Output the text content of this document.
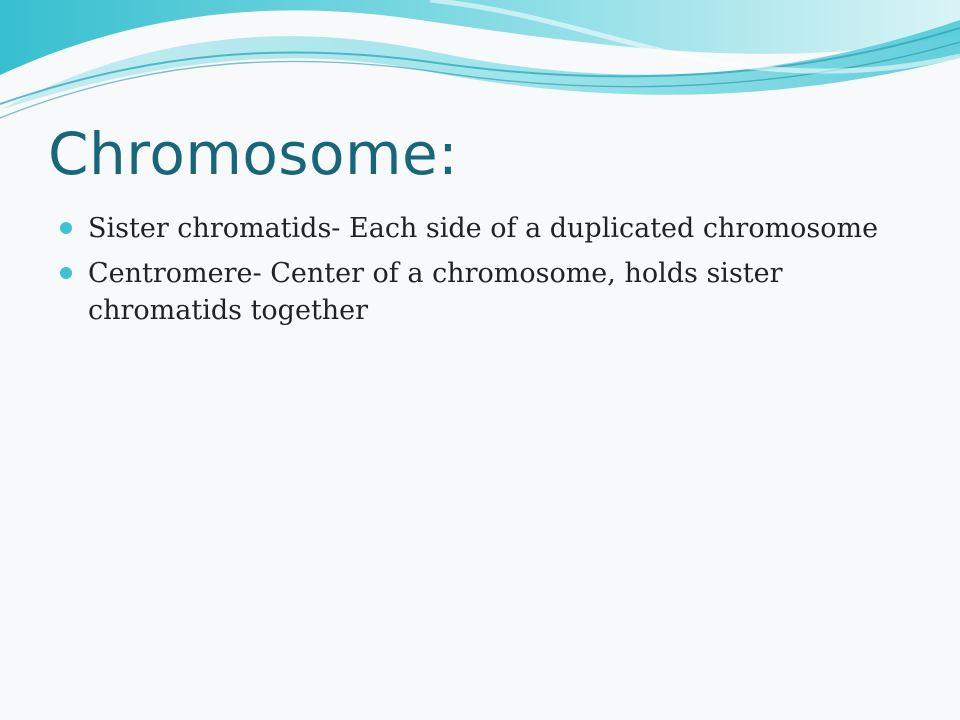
Chromosome:
Sister chromatids- Each side of a duplicated chromosome
Centromere- Center of a chromosome, holds sister chromatids together
